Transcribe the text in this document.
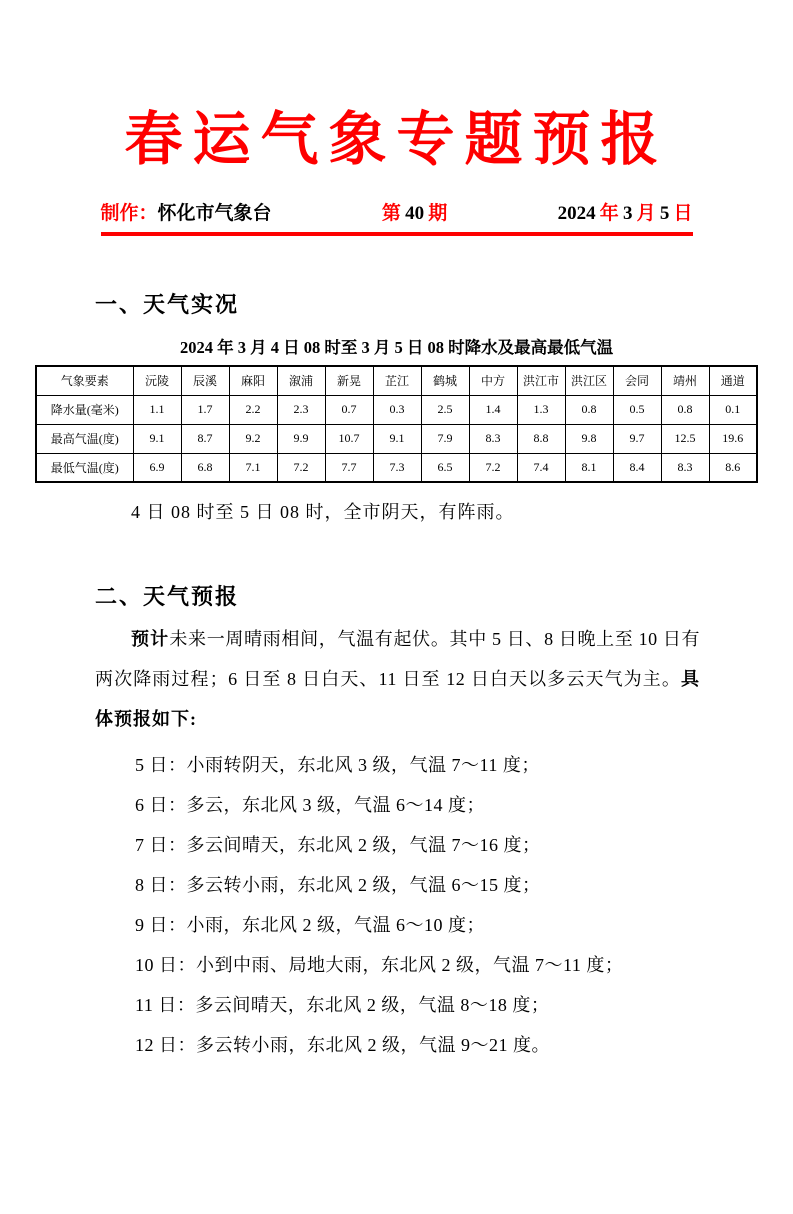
春运气象专题预报
制作：怀化市气象台	第 40 期	2024 年 3 月 5 日
一、天气实况
2024 年 3 月 4 日 08 时至 3 月 5 日 08 时降水及最高最低气温
气象要素	沅陵	辰溪	麻阳	溆浦	新晃	芷江	鹤城	中方	洪江市	洪江区	会同	靖州	通道
降水量(毫米)	1.1	1.7	2.2	2.3	0.7	0.3	2.5	1.4	1.3	0.8	0.5	0.8	0.1
最高气温(度)	9.1	8.7	9.2	9.9	10.7	9.1	7.9	8.3	8.8	9.8	9.7	12.5	19.6
最低气温(度)	6.9	6.8	7.1	7.2	7.7	7.3	6.5	7.2	7.4	8.1	8.4	8.3	8.6
4 日 08 时至 5 日 08 时，全市阴天，有阵雨。
二、天气预报
预计未来一周晴雨相间，气温有起伏。其中 5 日、8 日晚上至 10 日有两次降雨过程；6 日至 8 日白天、11 日至 12 日白天以多云天气为主。具体预报如下:
5 日：小雨转阴天，东北风 3 级，气温 7～11 度；
6 日：多云，东北风 3 级，气温 6～14 度；
7 日：多云间晴天，东北风 2 级，气温 7～16 度；
8 日：多云转小雨，东北风 2 级，气温 6～15 度；
9 日：小雨，东北风 2 级，气温 6～10 度；
10 日：小到中雨、局地大雨，东北风 2 级，气温 7～11 度；
11 日：多云间晴天，东北风 2 级，气温 8～18 度；
12 日：多云转小雨，东北风 2 级，气温 9～21 度。
